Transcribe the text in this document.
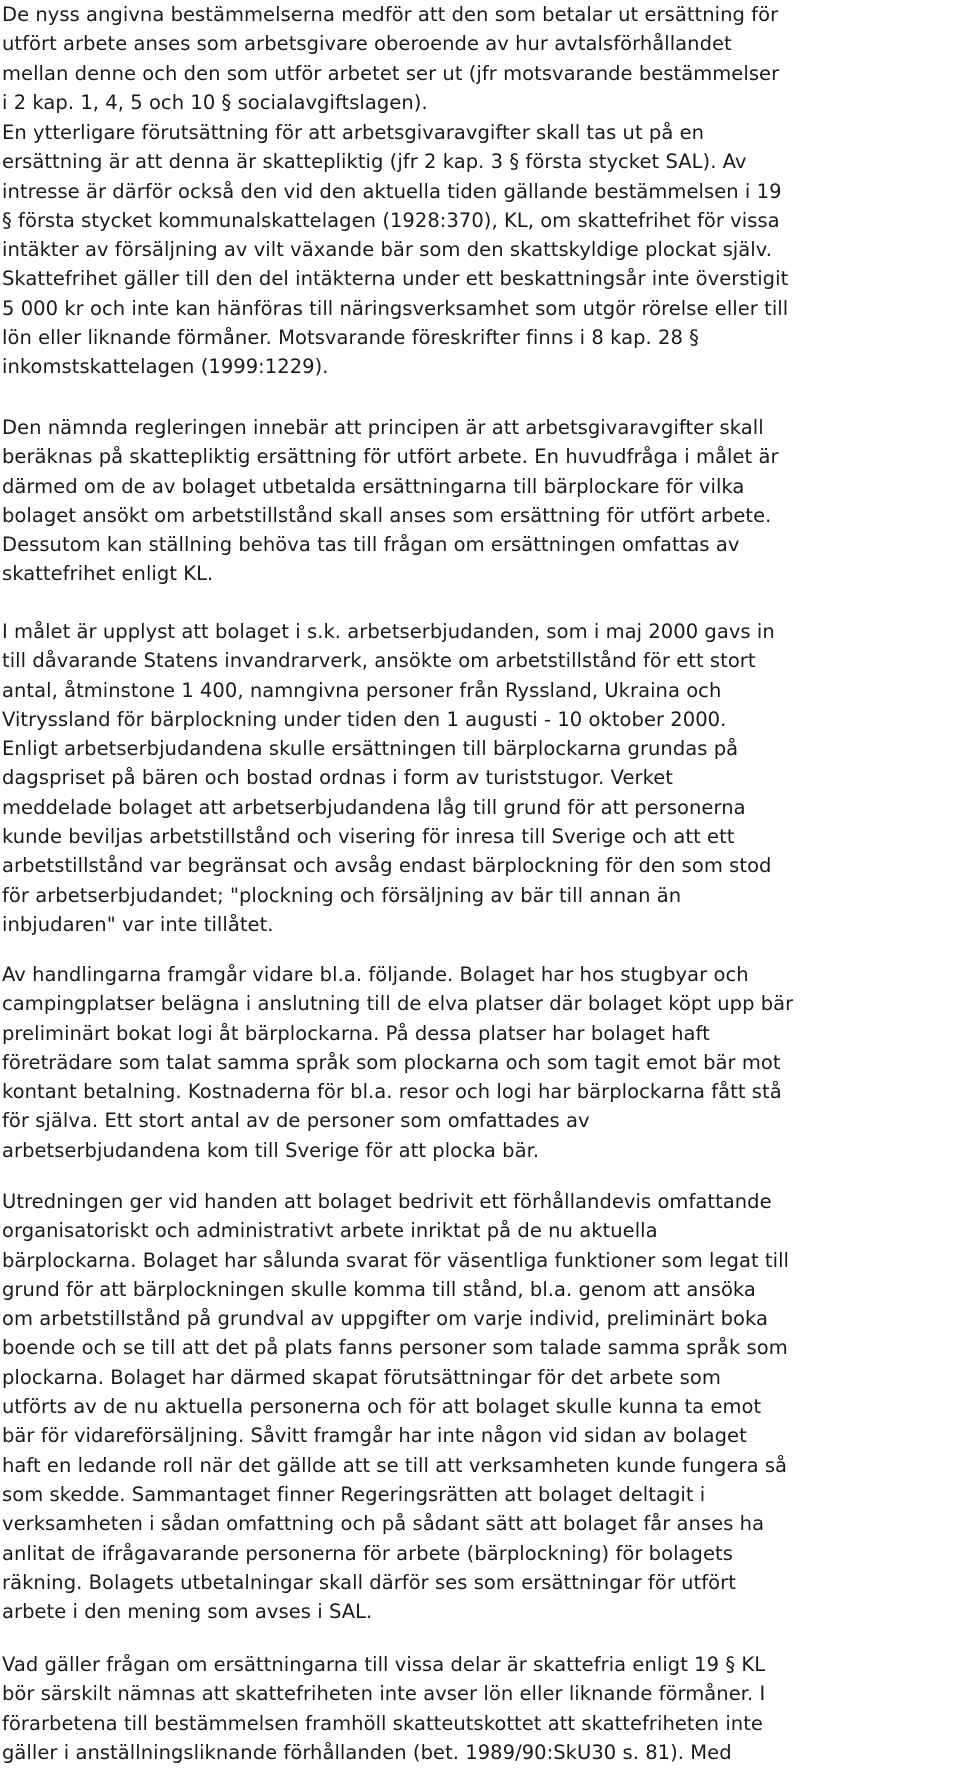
De nyss angivna bestämmelserna medför att den som betalar ut ersättning för
utfört arbete anses som arbetsgivare oberoende av hur avtalsförhållandet
mellan denne och den som utför arbetet ser ut (jfr motsvarande bestämmelser
i 2 kap. 1, 4, 5 och 10 § socialavgiftslagen).

En ytterligare förutsättning för att arbetsgivaravgifter skall tas ut på en
ersättning är att denna är skattepliktig (jfr 2 kap. 3 § första stycket SAL). Av
intresse är därför också den vid den aktuella tiden gällande bestämmelsen i 19
§ första stycket kommunalskattelagen (1928:370), KL, om skattefrihet för vissa
intäkter av försäljning av vilt växande bär som den skattskyldige plockat själv.
Skattefrihet gäller till den del intäkterna under ett beskattningsår inte överstigit
5 000 kr och inte kan hänföras till näringsverksamhet som utgör rörelse eller till
lön eller liknande förmåner. Motsvarande föreskrifter finns i 8 kap. 28 §
inkomstskattelagen (1999:1229).

Den nämnda regleringen innebär att principen är att arbetsgivaravgifter skall
beräknas på skattepliktig ersättning för utfört arbete. En huvudfråga i målet är
därmed om de av bolaget utbetalda ersättningarna till bärplockare för vilka
bolaget ansökt om arbetstillstånd skall anses som ersättning för utfört arbete.
Dessutom kan ställning behöva tas till frågan om ersättningen omfattas av
skattefrihet enligt KL.

I målet är upplyst att bolaget i s.k. arbetserbjudanden, som i maj 2000 gavs in
till dåvarande Statens invandrarverk, ansökte om arbetstillstånd för ett stort
antal, åtminstone 1 400, namngivna personer från Ryssland, Ukraina och
Vitryssland för bärplockning under tiden den 1 augusti - 10 oktober 2000.
Enligt arbetserbjudandena skulle ersättningen till bärplockarna grundas på
dagspriset på bären och bostad ordnas i form av turiststugor. Verket
meddelade bolaget att arbetserbjudandena låg till grund för att personerna
kunde beviljas arbetstillstånd och visering för inresa till Sverige och att ett
arbetstillstånd var begränsat och avsåg endast bärplockning för den som stod
för arbetserbjudandet; "plockning och försäljning av bär till annan än
inbjudaren" var inte tillåtet.

Av handlingarna framgår vidare bl.a. följande. Bolaget har hos stugbyar och
campingplatser belägna i anslutning till de elva platser där bolaget köpt upp bär
preliminärt bokat logi åt bärplockarna. På dessa platser har bolaget haft
företrädare som talat samma språk som plockarna och som tagit emot bär mot
kontant betalning. Kostnaderna för bl.a. resor och logi har bärplockarna fått stå
för själva. Ett stort antal av de personer som omfattades av
arbetserbjudandena kom till Sverige för att plocka bär.

Utredningen ger vid handen att bolaget bedrivit ett förhållandevis omfattande
organisatoriskt och administrativt arbete inriktat på de nu aktuella
bärplockarna. Bolaget har sålunda svarat för väsentliga funktioner som legat till
grund för att bärplockningen skulle komma till stånd, bl.a. genom att ansöka
om arbetstillstånd på grundval av uppgifter om varje individ, preliminärt boka
boende och se till att det på plats fanns personer som talade samma språk som
plockarna. Bolaget har därmed skapat förutsättningar för det arbete som
utförts av de nu aktuella personerna och för att bolaget skulle kunna ta emot
bär för vidareförsäljning. Såvitt framgår har inte någon vid sidan av bolaget
haft en ledande roll när det gällde att se till att verksamheten kunde fungera så
som skedde. Sammantaget finner Regeringsrätten att bolaget deltagit i
verksamheten i sådan omfattning och på sådant sätt att bolaget får anses ha
anlitat de ifrågavarande personerna för arbete (bärplockning) för bolagets
räkning. Bolagets utbetalningar skall därför ses som ersättningar för utfört
arbete i den mening som avses i SAL.

Vad gäller frågan om ersättningarna till vissa delar är skattefria enligt 19 § KL
bör särskilt nämnas att skattefriheten inte avser lön eller liknande förmåner. I
förarbetena till bestämmelsen framhöll skatteutskottet att skattefriheten inte
gäller i anställningsliknande förhållanden (bet. 1989/90:SkU30 s. 81). Med
